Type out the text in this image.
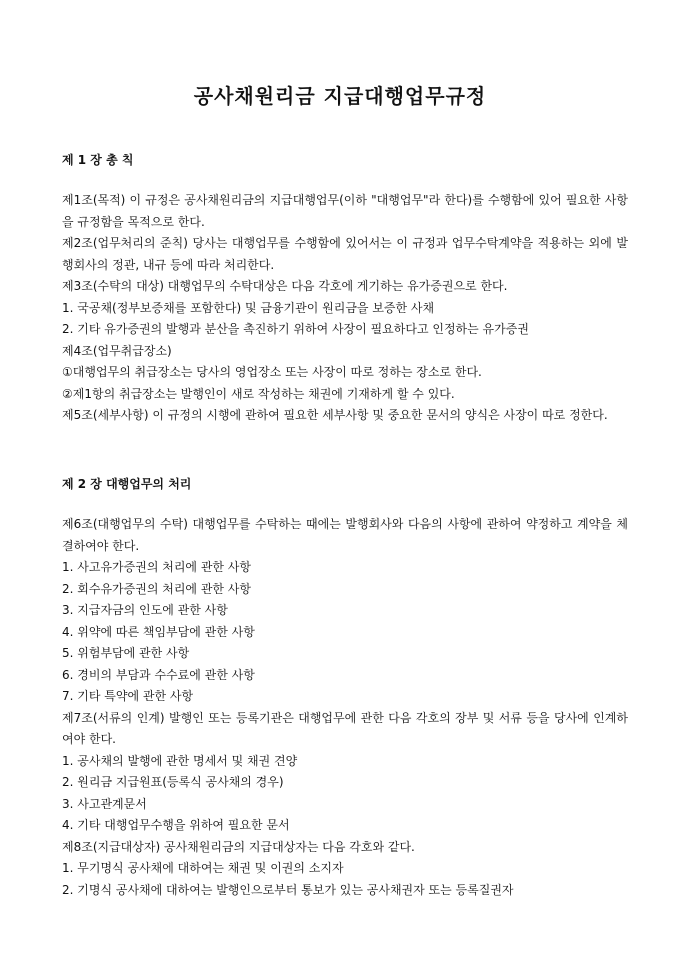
공사채원리금 지급대행업무규정
제 1 장 총 칙
제1조(목적) 이 규정은 공사채원리금의 지급대행업무(이하 "대행업무"라 한다)를 수행함에 있어 필요한 사항을 규정함을 목적으로 한다.
제2조(업무처리의 준칙) 당사는 대행업무를 수행함에 있어서는 이 규정과 업무수탁계약을 적용하는 외에 발행회사의 정관, 내규 등에 따라 처리한다.
제3조(수탁의 대상) 대행업무의 수탁대상은 다음 각호에 게기하는 유가증권으로 한다.
1. 국공채(정부보증채를 포함한다) 및 금융기관이 원리금을 보증한 사채
2. 기타 유가증권의 발행과 분산을 촉진하기 위하여 사장이 필요하다고 인정하는 유가증권
제4조(업무취급장소)
①대행업무의 취급장소는 당사의 영업장소 또는 사장이 따로 정하는 장소로 한다.
②제1항의 취급장소는 발행인이 새로 작성하는 채권에 기재하게 할 수 있다.
제5조(세부사항) 이 규정의 시행에 관하여 필요한 세부사항 및 중요한 문서의 양식은 사장이 따로 정한다.
제 2 장 대행업무의 처리
제6조(대행업무의 수탁) 대행업무를 수탁하는 때에는 발행회사와 다음의 사항에 관하여 약정하고 계약을 체결하여야 한다.
1. 사고유가증권의 처리에 관한 사항
2. 회수유가증권의 처리에 관한 사항
3. 지급자금의 인도에 관한 사항
4. 위약에 따른 책임부담에 관한 사항
5. 위험부담에 관한 사항
6. 경비의 부담과 수수료에 관한 사항
7. 기타 특약에 관한 사항
제7조(서류의 인계) 발행인 또는 등록기관은 대행업무에 관한 다음 각호의 장부 및 서류 등을 당사에 인계하여야 한다.
1. 공사채의 발행에 관한 명세서 및 채권 견양
2. 원리금 지급원표(등록식 공사채의 경우)
3. 사고관계문서
4. 기타 대행업무수행을 위하여 필요한 문서
제8조(지급대상자) 공사채원리금의 지급대상자는 다음 각호와 같다.
1. 무기명식 공사채에 대하여는 채권 및 이권의 소지자
2. 기명식 공사채에 대하여는 발행인으로부터 통보가 있는 공사채권자 또는 등록질권자
